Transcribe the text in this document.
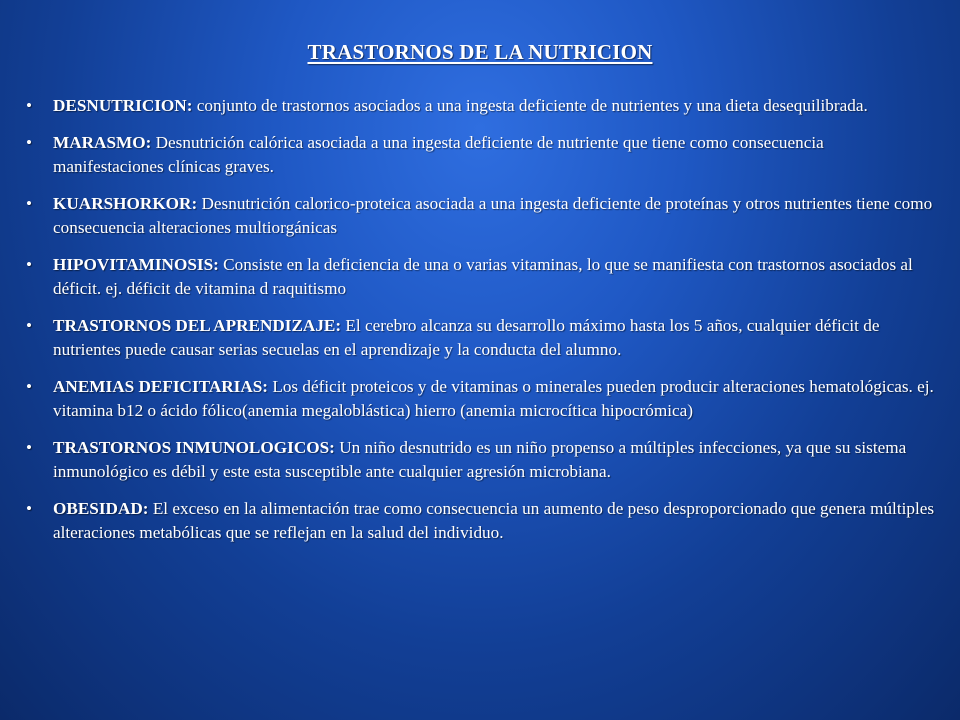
TRASTORNOS DE LA NUTRICION
•	DESNUTRICION: conjunto de trastornos asociados a una ingesta deficiente de nutrientes y una dieta desequilibrada.
•	MARASMO: Desnutrición calórica asociada a una ingesta deficiente de nutriente que tiene como consecuencia manifestaciones clínicas graves.
•	KUARSHORKOR: Desnutrición calorico-proteica asociada a una ingesta deficiente de proteínas y otros nutrientes tiene como consecuencia alteraciones multiorgánicas
•	HIPOVITAMINOSIS: Consiste en la deficiencia de una o varias vitaminas, lo que se manifiesta con trastornos asociados al déficit. ej. déficit de vitamina d raquitismo
•	TRASTORNOS DEL APRENDIZAJE: El cerebro alcanza su desarrollo máximo hasta los 5 años, cualquier déficit de nutrientes puede causar serias secuelas en el aprendizaje y la conducta del alumno.
•	ANEMIAS DEFICITARIAS: Los déficit proteicos y de vitaminas o minerales pueden producir alteraciones hematológicas. ej. vitamina b12 o ácido fólico(anemia megaloblástica) hierro (anemia microcítica hipocrómica)
•	TRASTORNOS INMUNOLOGICOS: Un niño desnutrido es un niño propenso a múltiples infecciones, ya que su sistema inmunológico es débil y este esta susceptible ante cualquier agresión microbiana.
•	OBESIDAD: El exceso en la alimentación trae como consecuencia un aumento de peso desproporcionado que genera múltiples alteraciones metabólicas que se reflejan en la salud del individuo.
